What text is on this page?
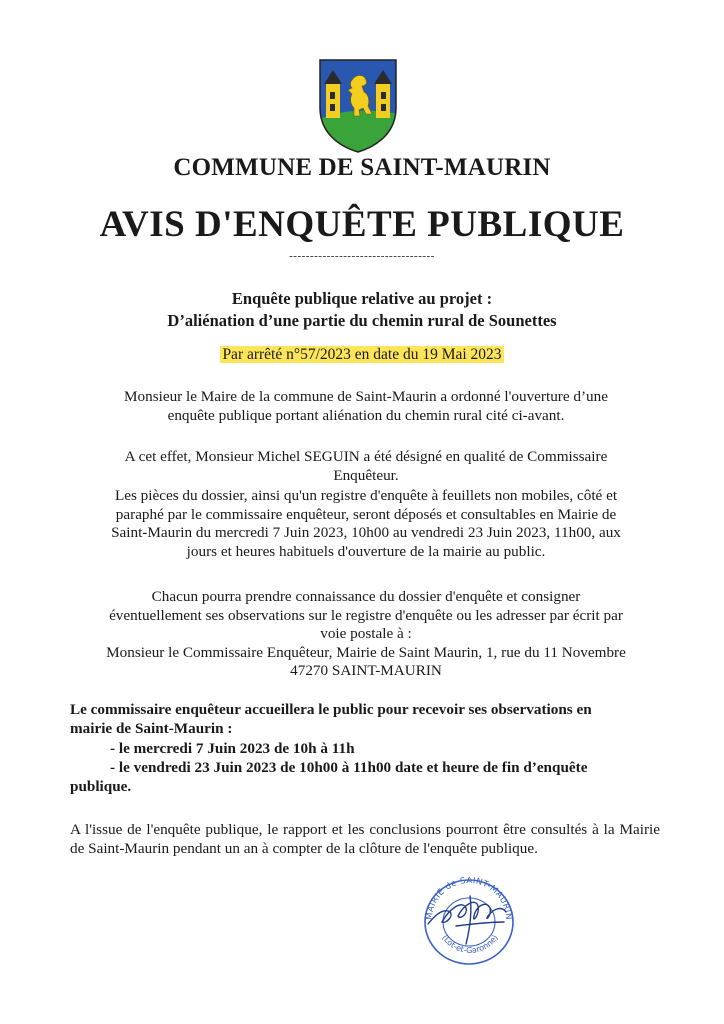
COMMUNE DE SAINT-MAURIN
AVIS D'ENQUÊTE PUBLIQUE
-----------------------------------
Enquête publique relative au projet :
D’aliénation d’une partie du chemin rural de Sounettes
Par arrêté n°57/2023 en date du 19 Mai 2023
Monsieur le Maire de la commune de Saint-Maurin a ordonné l'ouverture d’une
enquête publique portant aliénation du chemin rural cité ci-avant.
A cet effet, Monsieur Michel SEGUIN a été désigné en qualité de Commissaire
Enquêteur.
Les pièces du dossier, ainsi qu'un registre d'enquête à feuillets non mobiles, côté et
paraphé par le commissaire enquêteur, seront déposés et consultables en Mairie de
Saint-Maurin du mercredi 7 Juin 2023, 10h00 au vendredi 23 Juin 2023, 11h00, aux
jours et heures habituels d'ouverture de la mairie au public.
Chacun pourra prendre connaissance du dossier d'enquête et consigner
éventuellement ses observations sur le registre d'enquête ou les adresser par écrit par
voie postale à :
Monsieur le Commissaire Enquêteur, Mairie de Saint Maurin, 1, rue du 11 Novembre
47270 SAINT-MAURIN
Le commissaire enquêteur accueillera le public pour recevoir ses observations en
mairie de Saint-Maurin :
- le mercredi 7 Juin 2023 de 10h à 11h
- le vendredi 23 Juin 2023 de 10h00 à 11h00 date et heure de fin d’enquête
publique.
A l'issue de l'enquête publique, le rapport et les conclusions pourront être consultés à la Mairie de Saint-Maurin pendant un an à compter de la clôture de l'enquête publique.
MAIRIE de SAINT-MAURIN
(Lot-et-Garonne)
